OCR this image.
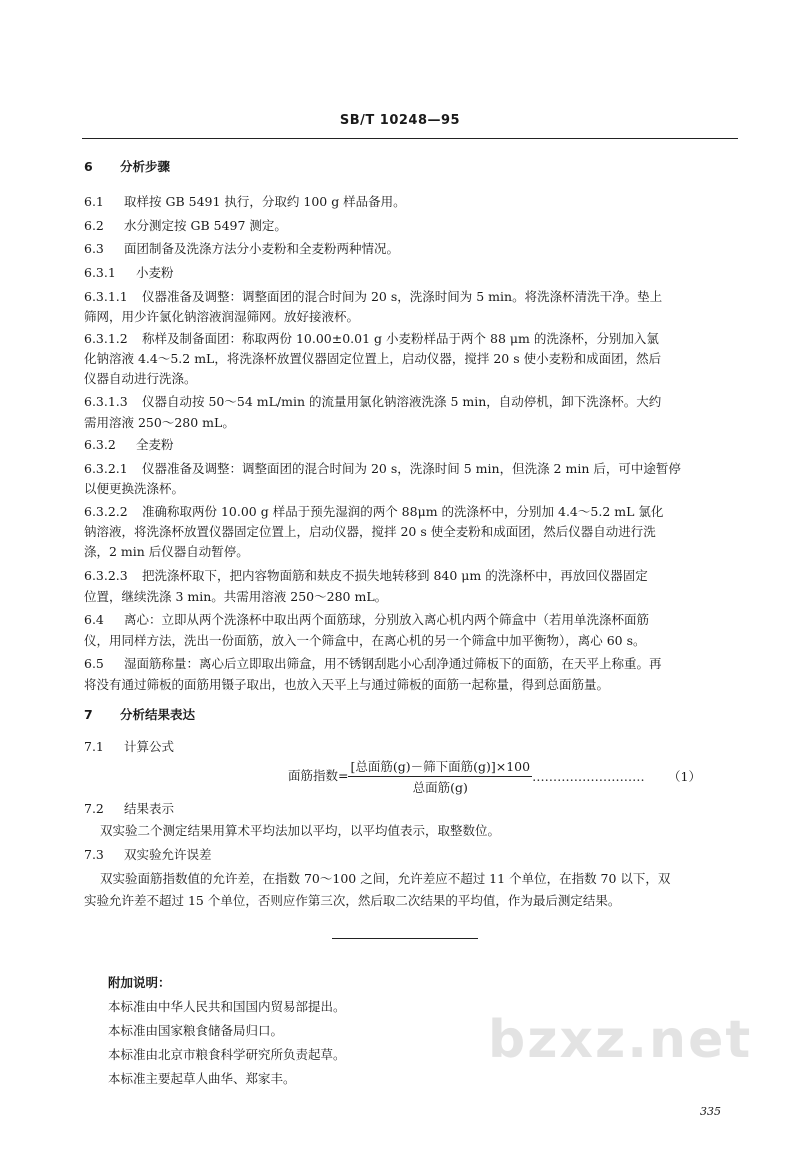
SB/T 10248—95
6 分析步骤
6.1 取样按 GB 5491 执行，分取约 100 g 样品备用。
6.2 水分测定按 GB 5497 测定。
6.3 面团制备及洗涤方法分小麦粉和全麦粉两种情况。
6.3.1 小麦粉
6.3.1.1 仪器准备及调整：调整面团的混合时间为 20 s，洗涤时间为 5 min。将洗涤杯清洗干净。垫上
筛网，用少许氯化钠溶液润湿筛网。放好接液杯。
6.3.1.2 称样及制备面团：称取两份 10.00±0.01 g 小麦粉样品于两个 88 μm 的洗涤杯，分别加入氯
化钠溶液 4.4～5.2 mL，将洗涤杯放置仪器固定位置上，启动仪器，搅拌 20 s 使小麦粉和成面团，然后
仪器自动进行洗涤。
6.3.1.3 仪器自动按 50～54 mL/min 的流量用氯化钠溶液洗涤 5 min，自动停机，卸下洗涤杯。大约
需用溶液 250～280 mL。
6.3.2 全麦粉
6.3.2.1 仪器准备及调整：调整面团的混合时间为 20 s，洗涤时间 5 min，但洗涤 2 min 后，可中途暂停
以便更换洗涤杯。
6.3.2.2 准确称取两份 10.00 g 样品于预先湿润的两个 88μm 的洗涤杯中，分别加 4.4～5.2 mL 氯化
钠溶液，将洗涤杯放置仪器固定位置上，启动仪器，搅拌 20 s 使全麦粉和成面团，然后仪器自动进行洗
涤，2 min 后仪器自动暂停。
6.3.2.3 把洗涤杯取下，把内容物面筋和麸皮不损失地转移到 840 μm 的洗涤杯中，再放回仪器固定
位置，继续洗涤 3 min。共需用溶液 250～280 mL。
6.4 离心：立即从两个洗涤杯中取出两个面筋球，分别放入离心机内两个筛盒中（若用单洗涤杯面筋
仪，用同样方法，洗出一份面筋，放入一个筛盒中，在离心机的另一个筛盒中加平衡物），离心 60 s。
6.5 湿面筋称量：离心后立即取出筛盒，用不锈钢刮匙小心刮净通过筛板下的面筋，在天平上称重。再
将没有通过筛板的面筋用镊子取出，也放入天平上与通过筛板的面筋一起称量，得到总面筋量。
7 分析结果表达
7.1 计算公式
面筋指数= $\frac{\text{[总面筋(g)－筛下面筋(g)]×100}}{\text{总面筋(g)}}$ ……………………… （1）
7.2 结果表示
双实验二个测定结果用算术平均法加以平均，以平均值表示，取整数位。
7.3 双实验允许误差
双实验面筋指数值的允许差，在指数 70～100 之间，允许差应不超过 11 个单位，在指数 70 以下，双
实验允许差不超过 15 个单位，否则应作第三次，然后取二次结果的平均值，作为最后测定结果。
附加说明：
本标准由中华人民共和国国内贸易部提出。
本标准由国家粮食储备局归口。
本标准由北京市粮食科学研究所负责起草。
本标准主要起草人曲华、郑家丰。
bzxz.net
335
